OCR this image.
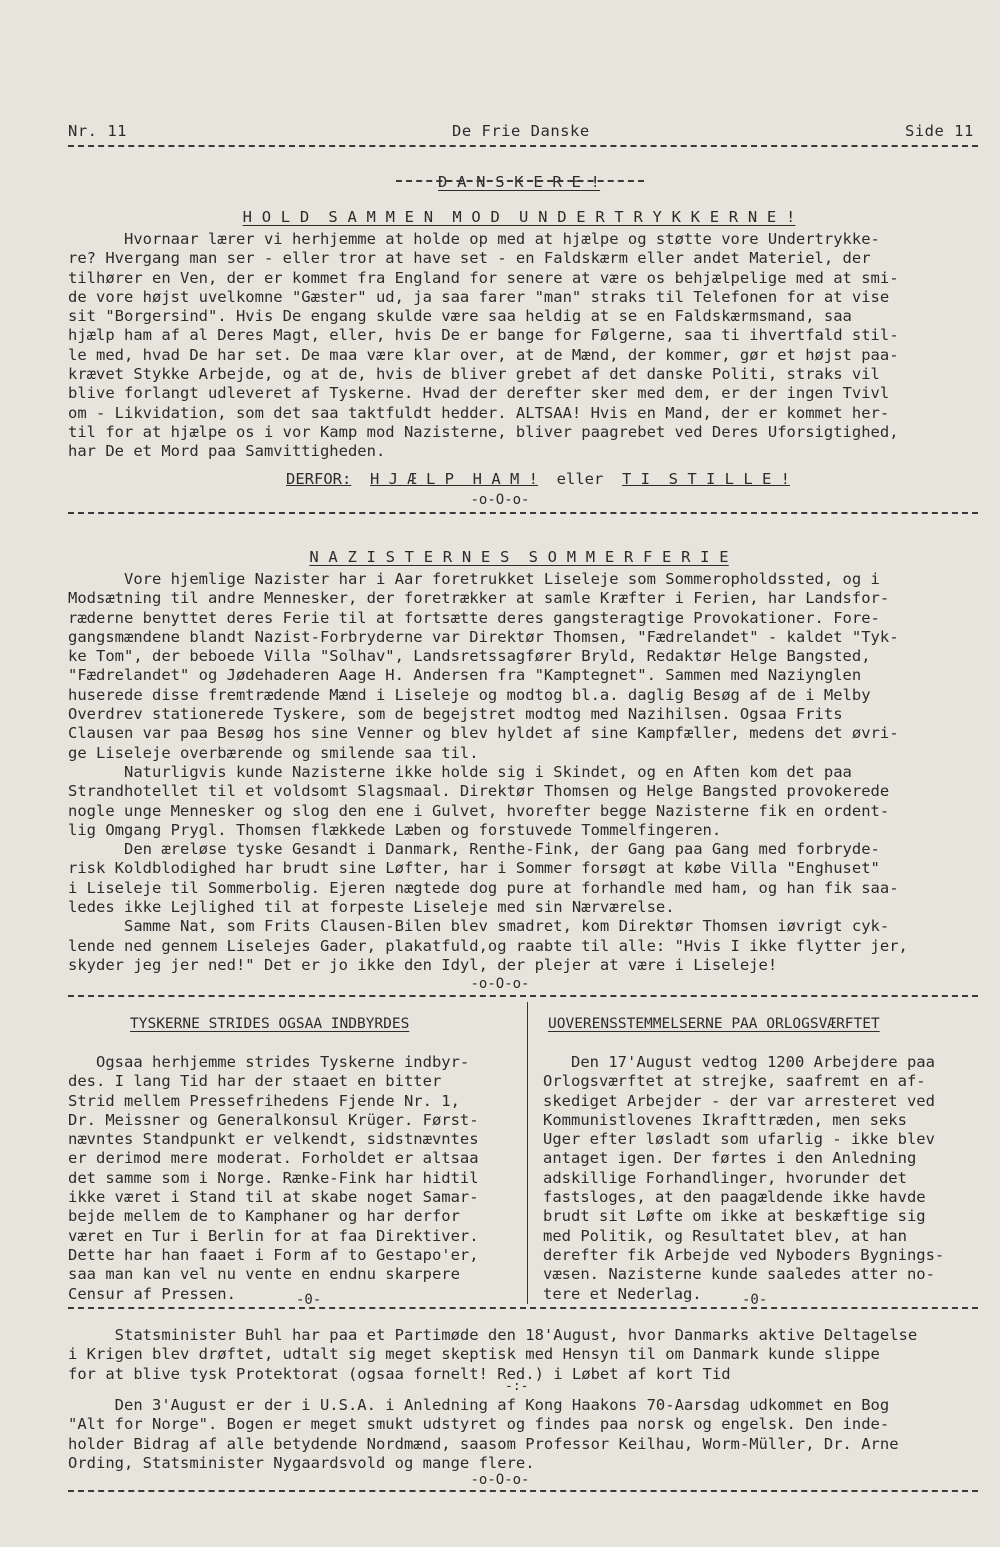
Nr. 11	De Frie Danske	Side 11

D A N S K E R E !

H O L D  S A M M E N  M O D  U N D E R T R Y K K E R N E !

Hvornaar lærer vi herhjemme at holde op med at hjælpe og støtte vore Undertrykke-
re? Hvergang man ser - eller tror at have set - en Faldskærm eller andet Materiel, der
tilhører en Ven, der er kommet fra England for senere at være os behjælpelige med at smi-
de vore højst uvelkomne "Gæster" ud, ja saa farer "man" straks til Telefonen for at vise
sit "Borgersind". Hvis De engang skulde være saa heldig at se en Faldskærmsmand, saa
hjælp ham af al Deres Magt, eller, hvis De er bange for Følgerne, saa ti ihvertfald stil-
le med, hvad De har set. De maa være klar over, at de Mænd, der kommer, gør et højst paa-
krævet Stykke Arbejde, og at de, hvis de bliver grebet af det danske Politi, straks vil
blive forlangt udleveret af Tyskerne. Hvad der derefter sker med dem, er der ingen Tvivl
om - Likvidation, som det saa taktfuldt hedder. ALTSAA! Hvis en Mand, der er kommet her-
til for at hjælpe os i vor Kamp mod Nazisterne, bliver paagrebet ved Deres Uforsigtighed,
har De et Mord paa Samvittigheden.
DERFOR: H J Æ L P  H A M ! eller T I  S T I L L E !
-o-O-o-

N A Z I S T E R N E S  S O M M E R F E R I E

Vore hjemlige Nazister har i Aar foretrukket Liseleje som Sommeropholdssted, og i
Modsætning til andre Mennesker, der foretrækker at samle Kræfter i Ferien, har Landsfor-
ræderne benyttet deres Ferie til at fortsætte deres gangsteragtige Provokationer. Fore-
gangsmændene blandt Nazist-Forbryderne var Direktør Thomsen, "Fædrelandet" - kaldet "Tyk-
ke Tom", der beboede Villa "Solhav", Landsretssagfører Bryld, Redaktør Helge Bangsted,
"Fædrelandet" og Jødehaderen Aage H. Andersen fra "Kamptegnet". Sammen med Naziynglen
huserede disse fremtrædende Mænd i Liseleje og modtog bl.a. daglig Besøg af de i Melby
Overdrev stationerede Tyskere, som de begejstret modtog med Nazihilsen. Ogsaa Frits
Clausen var paa Besøg hos sine Venner og blev hyldet af sine Kampfæller, medens det øvri-
ge Liseleje overbærende og smilende saa til.
Naturligvis kunde Nazisterne ikke holde sig i Skindet, og en Aften kom det paa
Strandhotellet til et voldsomt Slagsmaal. Direktør Thomsen og Helge Bangsted provokerede
nogle unge Mennesker og slog den ene i Gulvet, hvorefter begge Nazisterne fik en ordent-
lig Omgang Prygl. Thomsen flækkede Læben og forstuvede Tommelfingeren.
Den æreløse tyske Gesandt i Danmark, Renthe-Fink, der Gang paa Gang med forbryde-
risk Koldblodighed har brudt sine Løfter, har i Sommer forsøgt at købe Villa "Enghuset"
i Liseleje til Sommerbolig. Ejeren nægtede dog pure at forhandle med ham, og han fik saa-
ledes ikke Lejlighed til at forpeste Liseleje med sin Nærværelse.
Samme Nat, som Frits Clausen-Bilen blev smadret, kom Direktør Thomsen iøvrigt cyk-
lende ned gennem Liselejes Gader, plakatfuld,og raabte til alle: "Hvis I ikke flytter jer,
skyder jeg jer ned!" Det er jo ikke den Idyl, der plejer at være i Liseleje!
-o-O-o-
TYSKERNE STRIDES OGSAA INDBYRDES
Ogsaa herhjemme strides Tyskerne indbyr-
des. I lang Tid har der staaet en bitter
Strid mellem Pressefrihedens Fjende Nr. 1,
Dr. Meissner og Generalkonsul Krüger. Først-
nævntes Standpunkt er velkendt, sidstnævntes
er derimod mere moderat. Forholdet er altsaa
det samme som i Norge. Rænke-Fink har hidtil
ikke været i Stand til at skabe noget Samar-
bejde mellem de to Kamphaner og har derfor
været en Tur i Berlin for at faa Direktiver.
Dette har han faaet i Form af to Gestapo'er,
saa man kan vel nu vente en endnu skarpere
Censur af Pressen.	-0-
UOVERENSSTEMMELSERNE PAA ORLOGSVÆRFTET
Den 17'August vedtog 1200 Arbejdere paa
Orlogsværftet at strejke, saafremt en af-
skediget Arbejder - der var arresteret ved
Kommunistlovenes Ikrafttræden, men seks
Uger efter løsladt som ufarlig - ikke blev
antaget igen. Der førtes i den Anledning
adskillige Forhandlinger, hvorunder det
fastsloges, at den paagældende ikke havde
brudt sit Løfte om ikke at beskæftige sig
med Politik, og Resultatet blev, at han
derefter fik Arbejde ved Nyboders Bygnings-
væsen. Nazisterne kunde saaledes atter no-
tere et Nederlag.	-0-
Statsminister Buhl har paa et Partimøde den 18'August, hvor Danmarks aktive Deltagelse
i Krigen blev drøftet, udtalt sig meget skeptisk med Hensyn til om Danmark kunde slippe
for at blive tysk Protektorat (ogsaa fornelt! Red.) i Løbet af kort Tid
-:-
Den 3'August er der i U.S.A. i Anledning af Kong Haakons 70-Aarsdag udkommet en Bog
"Alt for Norge". Bogen er meget smukt udstyret og findes paa norsk og engelsk. Den inde-
holder Bidrag af alle betydende Nordmænd, saasom Professor Keilhau, Worm-Müller, Dr. Arne
Ording, Statsminister Nygaardsvold og mange flere.
-o-O-o-
